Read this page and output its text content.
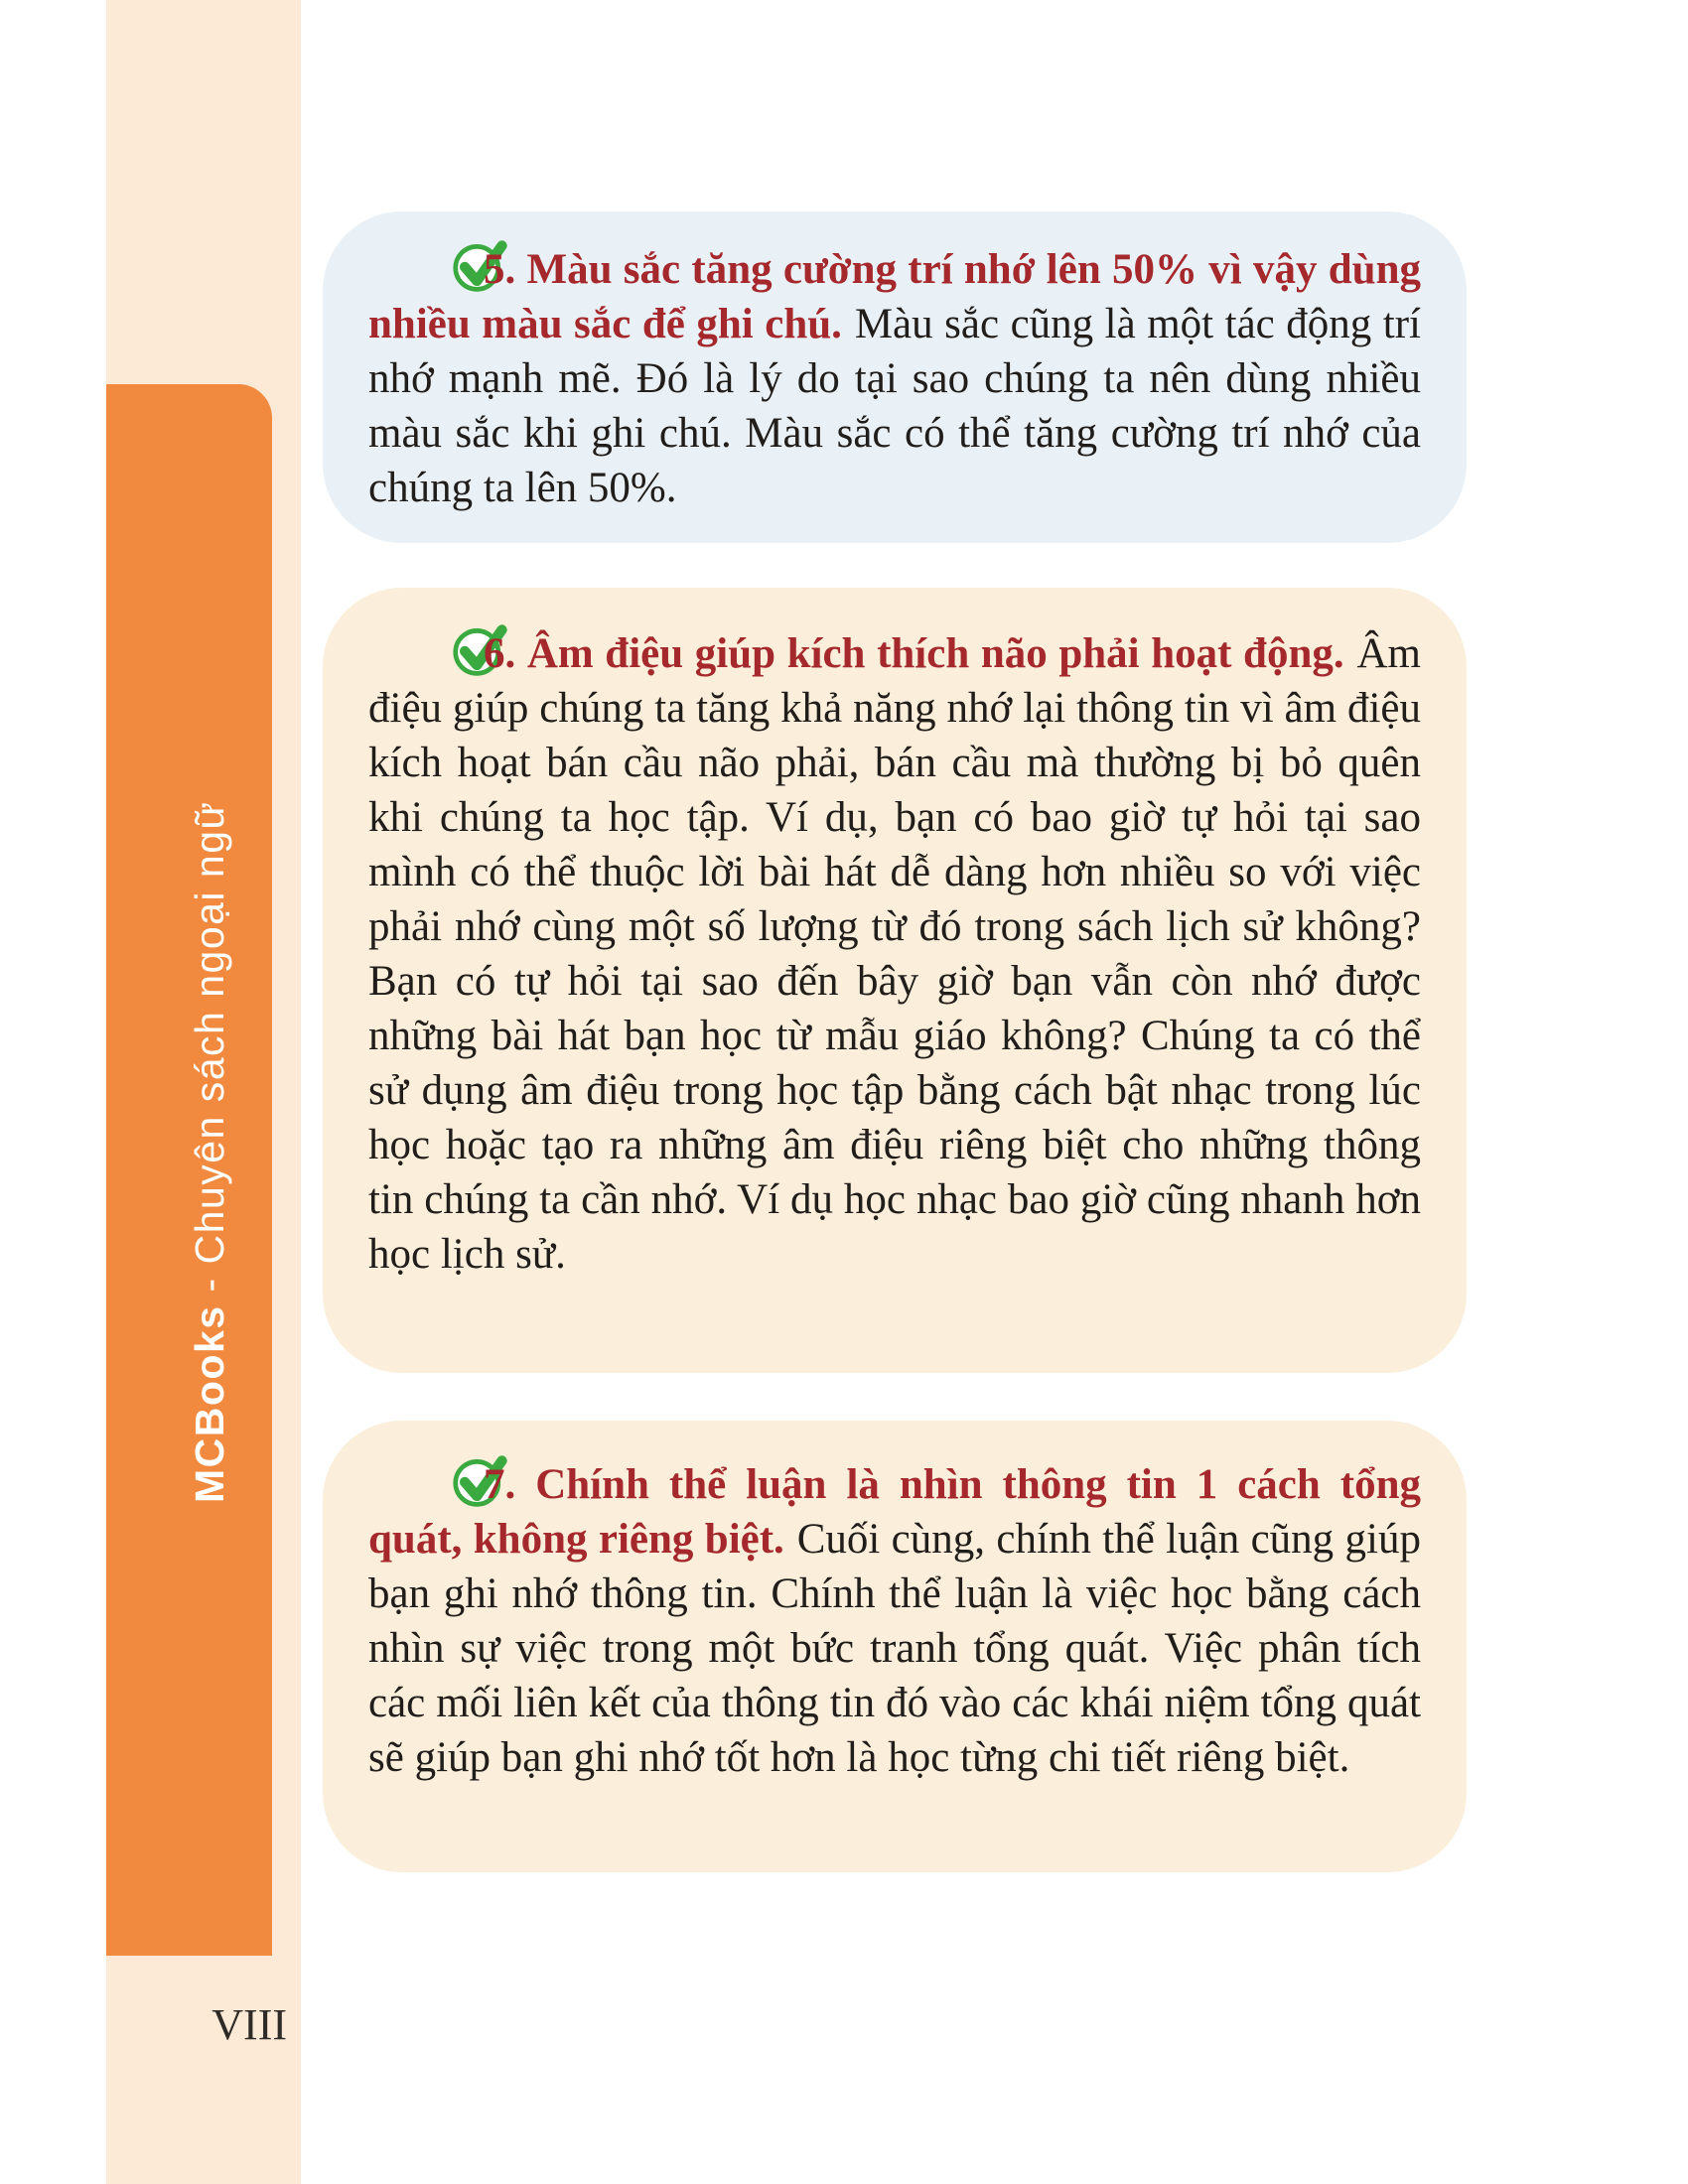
MCBooks - Chuyên sách ngoại ngữ
VIII

5. Màu sắc tăng cường trí nhớ lên 50% vì vậy dùng nhiều màu sắc để ghi chú. Màu sắc cũng là một tác động trí nhớ mạnh mẽ. Đó là lý do tại sao chúng ta nên dùng nhiều màu sắc khi ghi chú. Màu sắc có thể tăng cường trí nhớ của chúng ta lên 50%.

6. Âm điệu giúp kích thích não phải hoạt động. Âm điệu giúp chúng ta tăng khả năng nhớ lại thông tin vì âm điệu kích hoạt bán cầu não phải, bán cầu mà thường bị bỏ quên khi chúng ta học tập. Ví dụ, bạn có bao giờ tự hỏi tại sao mình có thể thuộc lời bài hát dễ dàng hơn nhiều so với việc phải nhớ cùng một số lượng từ đó trong sách lịch sử không? Bạn có tự hỏi tại sao đến bây giờ bạn vẫn còn nhớ được những bài hát bạn học từ mẫu giáo không? Chúng ta có thể sử dụng âm điệu trong học tập bằng cách bật nhạc trong lúc học hoặc tạo ra những âm điệu riêng biệt cho những thông tin chúng ta cần nhớ. Ví dụ học nhạc bao giờ cũng nhanh hơn học lịch sử.

7. Chính thể luận là nhìn thông tin 1 cách tổng quát, không riêng biệt. Cuối cùng, chính thể luận cũng giúp bạn ghi nhớ thông tin. Chính thể luận là việc học bằng cách nhìn sự việc trong một bức tranh tổng quát. Việc phân tích các mối liên kết của thông tin đó vào các khái niệm tổng quát sẽ giúp bạn ghi nhớ tốt hơn là học từng chi tiết riêng biệt.
